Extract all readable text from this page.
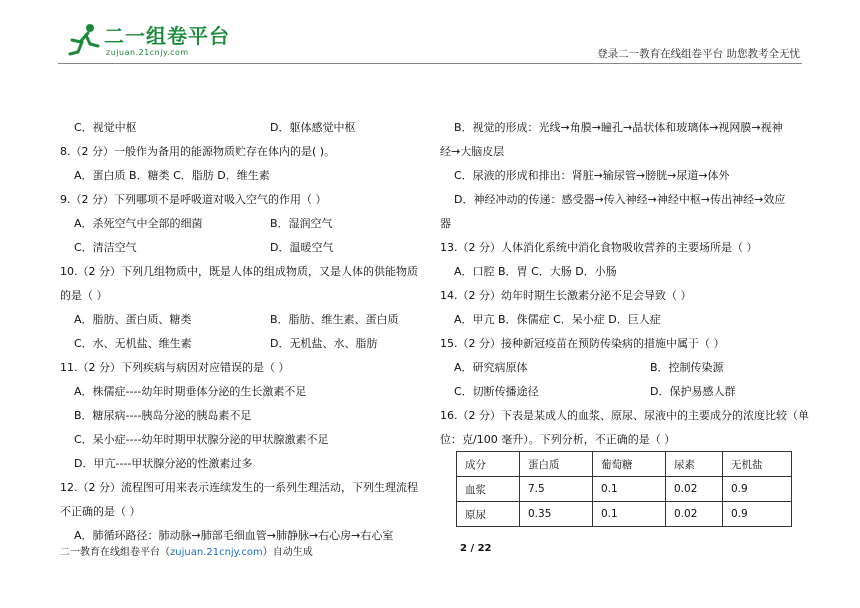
二一组卷平台
zujuan.21cnjy.com	登录二一教育在线组卷平台 助您教考全无忧
C．视觉中枢	D．躯体感觉中枢
8.（2 分）一般作为备用的能源物质贮存在体内的是( )。
A．蛋白质 B．糖类 C．脂肪 D．维生素
9.（2 分）下列哪项不是呼吸道对吸入空气的作用（ ）
A．杀死空气中全部的细菌	B．湿润空气
C．清洁空气	D．温暖空气
10.（2 分）下列几组物质中，既是人体的组成物质，又是人体的供能物质
的是（ ）
A．脂肪、蛋白质、糖类	B．脂肪、维生素、蛋白质
C．水、无机盐、维生素	D．无机盐、水、脂肪
11.（2 分）下列疾病与病因对应错误的是（ ）
A．株儒症----幼年时期垂体分泌的生长激素不足
B．糖尿病----胰岛分泌的胰岛素不足
C．呆小症----幼年时期甲状腺分泌的甲状腺激素不足
D．甲亢----甲状腺分泌的性激素过多
12.（2 分）流程图可用来表示连续发生的一系列生理活动，下列生理流程
不正确的是（ ）
A．肺循环路径：肺动脉→肺部毛细血管→肺静脉→右心房→右心室
B．视觉的形成：光线→角膜→瞳孔→晶状体和玻璃体→视网膜→视神
经→大脑皮层
C．尿液的形成和排出：肾脏→输尿管→膀胱→尿道→体外
D．神经冲动的传递：感受器→传入神经→神经中枢→传出神经→效应
器
13.（2 分）人体消化系统中消化食物吸收营养的主要场所是（ ）
A．口腔 B．胃 C．大肠 D．小肠
14.（2 分）幼年时期生长激素分泌不足会导致（ ）
A．甲亢 B．侏儒症 C．呆小症 D．巨人症
15.（2 分）接种新冠疫苗在预防传染病的措施中属于（ ）
A．研究病原体	B．控制传染源
C．切断传播途径	D．保护易感人群
16.（2 分）下表是某成人的血浆、原尿、尿液中的主要成分的浓度比较（单
位：克/100 毫升）。下列分析，不正确的是（ ）
成分	蛋白质	葡萄糖	尿素	无机盐
血浆	7.5	0.1	0.02	0.9
原尿	0.35	0.1	0.02	0.9
二一教育在线组卷平台（zujuan.21cnjy.com）自动生成	2 / 22
